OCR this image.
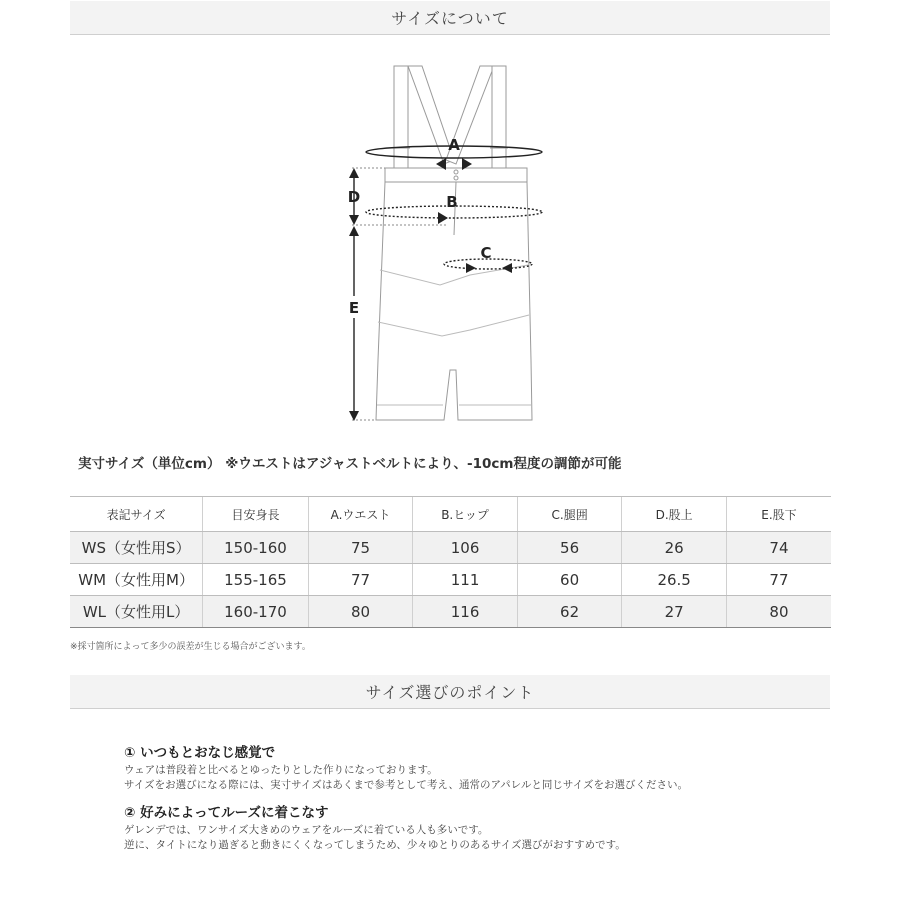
サイズについて
A
B
C
D
E
実寸サイズ（単位cm） ※ウエストはアジャストベルトにより、-10cm程度の調節が可能
表記サイズ	目安身長	A.ウエスト	B.ヒップ	C.腿囲	D.股上	E.股下
WS（女性用S）	150-160	75	106	56	26	74
WM（女性用M）	155-165	77	111	60	26.5	77
WL（女性用L）	160-170	80	116	62	27	80
※採寸箇所によって多少の誤差が生じる場合がございます。
サイズ選びのポイント
① いつもとおなじ感覚で
ウェアは普段着と比べるとゆったりとした作りになっております。
サイズをお選びになる際には、実寸サイズはあくまで参考として考え、通常のアパレルと同じサイズをお選びください。
② 好みによってルーズに着こなす
ゲレンデでは、ワンサイズ大きめのウェアをルーズに着ている人も多いです。
逆に、タイトになり過ぎると動きにくくなってしまうため、少々ゆとりのあるサイズ選びがおすすめです。
